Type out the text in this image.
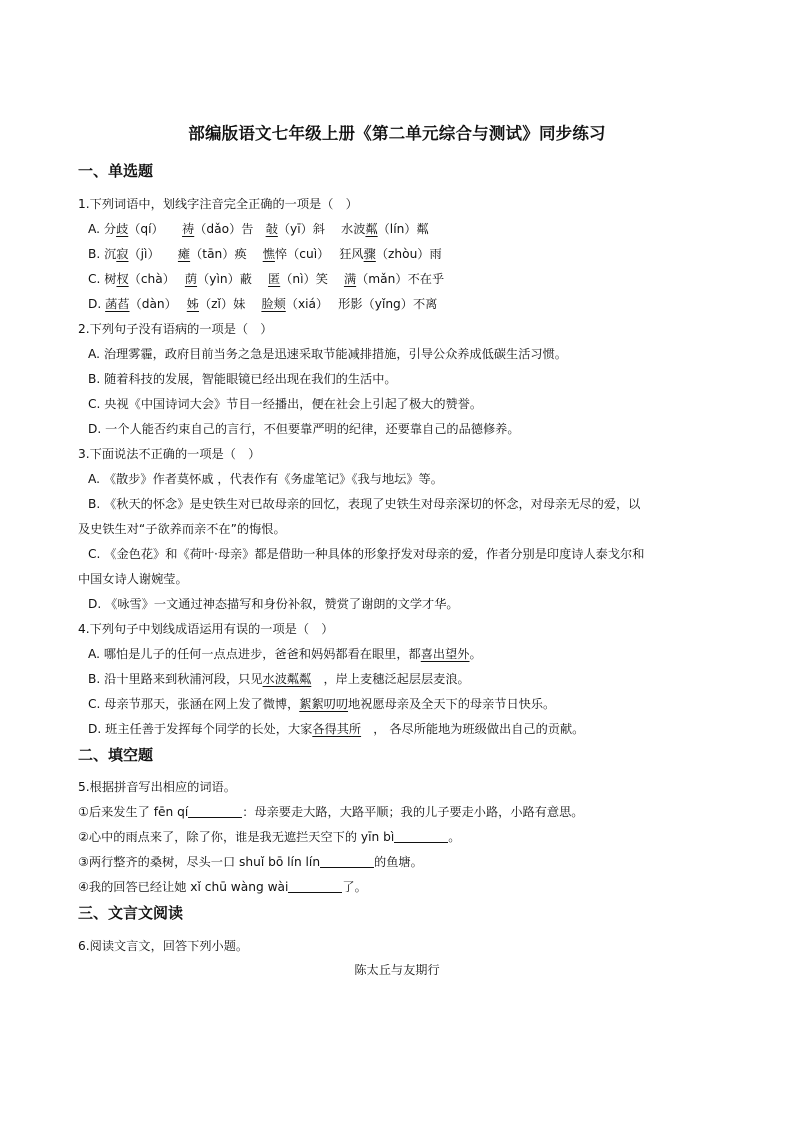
部编版语文七年级上册《第二单元综合与测试》同步练习
一、单选题
1.下列词语中，划线字注音完全正确的一项是（　）
A. 分歧（qí）　　祷（dǎo）告　敧（yī）斜　 水波粼（lín）粼
B. 沉寂（jì）　　瘫（tān）痪　 憔悴（cuì）　 狂风骤（zhòu）雨
C. 树杈（chà）　 荫（yìn）蔽　 匿（nì）笑　 满（mǎn）不在乎
D. 菡萏（dàn）　 姊（zǐ）妹　 脸颊（xiá）　 形影（yǐng）不离
2.下列句子没有语病的一项是（　）
A. 治理雾霾，政府目前当务之急是迅速采取节能减排措施，引导公众养成低碳生活习惯。
B. 随着科技的发展，智能眼镜已经出现在我们的生活中。
C. 央视《中国诗词大会》节目一经播出，便在社会上引起了极大的赞誉。
D. 一个人能否约束自己的言行，不但要靠严明的纪律，还要靠自己的品德修养。
3.下面说法不正确的一项是（　）
A. 《散步》作者莫怀戚 ，代表作有《务虚笔记》《我与地坛》等。
B. 《秋天的怀念》是史铁生对已故母亲的回忆，表现了史铁生对母亲深切的怀念，对母亲无尽的爱，以
及史铁生对“子欲养而亲不在”的悔恨。
C. 《金色花》和《荷叶·母亲》都是借助一种具体的形象抒发对母亲的爱，作者分别是印度诗人泰戈尔和
中国女诗人谢婉莹。
D. 《咏雪》一文通过神态描写和身份补叙，赞赏了谢朗的文学才华。
4.下列句子中划线成语运用有误的一项是（　）
A. 哪怕是儿子的任何一点点进步，爸爸和妈妈都看在眼里，都喜出望外。
B. 沿十里路来到秋浦河段，只见水波粼粼　，岸上麦穗泛起层层麦浪。
C. 母亲节那天，张涵在网上发了微博，絮絮叨叨地祝愿母亲及全天下的母亲节日快乐。
D. 班主任善于发挥每个同学的长处，大家各得其所　， 各尽所能地为班级做出自己的贡献。
二、填空题
5.根据拼音写出相应的词语。
①后来发生了 fēn qí	：母亲要走大路，大路平顺；我的儿子要走小路，小路有意思。
②心中的雨点来了，除了你，谁是我无遮拦天空下的 yīn bì	。
③两行整齐的桑树，尽头一口 shuǐ bō lín lín	的鱼塘。
④我的回答已经让她 xǐ chū wàng wài	了。
三、文言文阅读
6.阅读文言文，回答下列小题。
陈太丘与友期行
